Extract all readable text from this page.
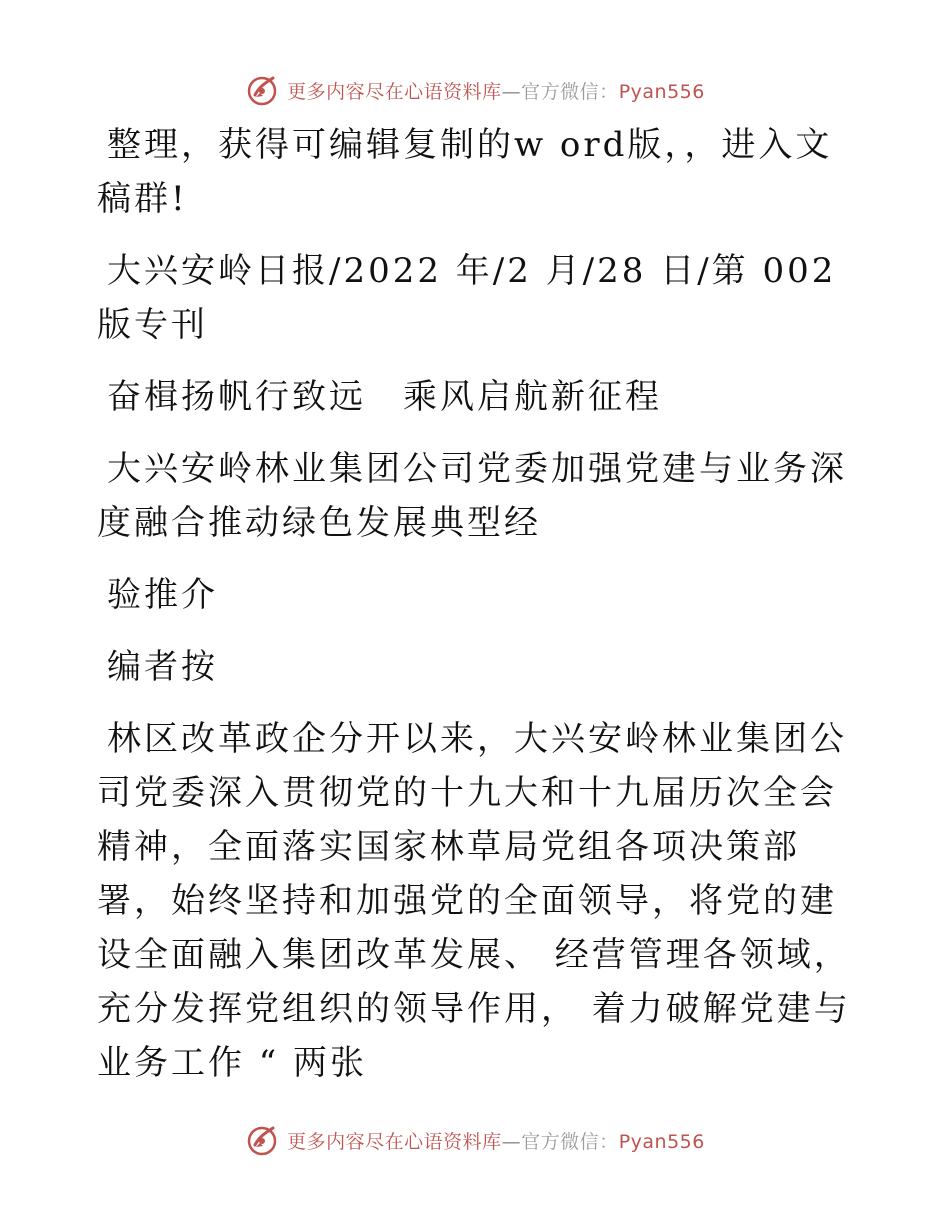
更多内容尽在心语资料库—官方微信：Pyan556

整理，获得可编辑复制的w ord版，，进入文稿群!

大兴安岭日报/2022 年/2 月/28 日/第 002 版专刊

奋楫扬帆行致远　乘风启航新征程

大兴安岭林业集团公司党委加强党建与业务深度融合推动绿色发展典型经

验推介

编者按

林区改革政企分开以来，大兴安岭林业集团公司党委深入贯彻党的十九大和十九届历次全会精神，全面落实国家林草局党组各项决策部署，始终坚持和加强党的全面领导，将党的建设全面融入集团改革发展、 经营管理各领域， 充分发挥党组织的领导作用， 着力破解党建与业务工作 “ 两张

更多内容尽在心语资料库—官方微信：Pyan556
